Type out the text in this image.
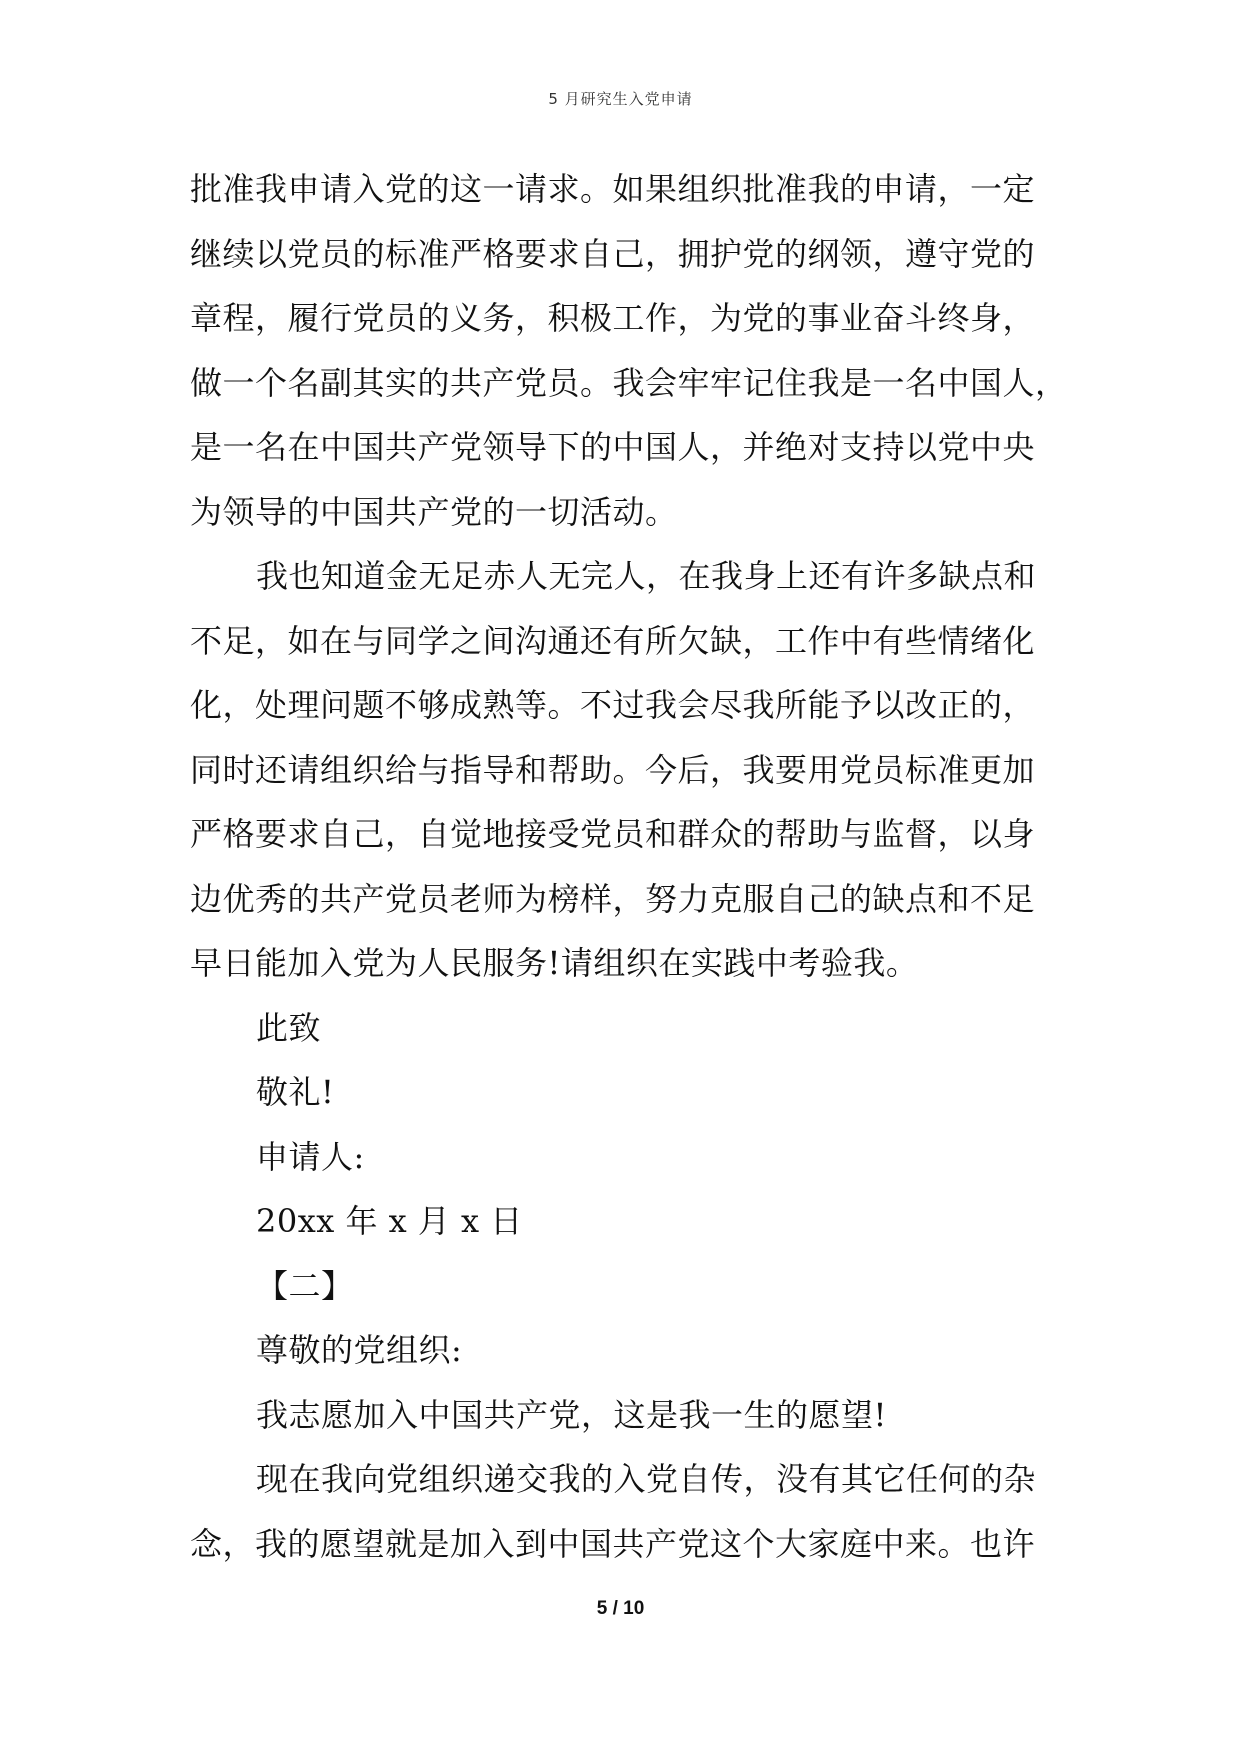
5 月研究生入党申请
批准我申请入党的这一请求。如果组织批准我的申请，一定
继续以党员的标准严格要求自己，拥护党的纲领，遵守党的
章程，履行党员的义务，积极工作，为党的事业奋斗终身，
做一个名副其实的共产党员。我会牢牢记住我是一名中国人，
是一名在中国共产党领导下的中国人，并绝对支持以党中央
为领导的中国共产党的一切活动。
我也知道金无足赤人无完人，在我身上还有许多缺点和
不足，如在与同学之间沟通还有所欠缺，工作中有些情绪化
化，处理问题不够成熟等。不过我会尽我所能予以改正的，
同时还请组织给与指导和帮助。今后，我要用党员标准更加
严格要求自己，自觉地接受党员和群众的帮助与监督，以身
边优秀的共产党员老师为榜样，努力克服自己的缺点和不足
早日能加入党为人民服务!请组织在实践中考验我。
此致
敬礼!
申请人:
20xx 年 x 月 x 日
【二】
尊敬的党组织:
我志愿加入中国共产党，这是我一生的愿望!
现在我向党组织递交我的入党自传，没有其它任何的杂
念，我的愿望就是加入到中国共产党这个大家庭中来。也许
5 / 10
